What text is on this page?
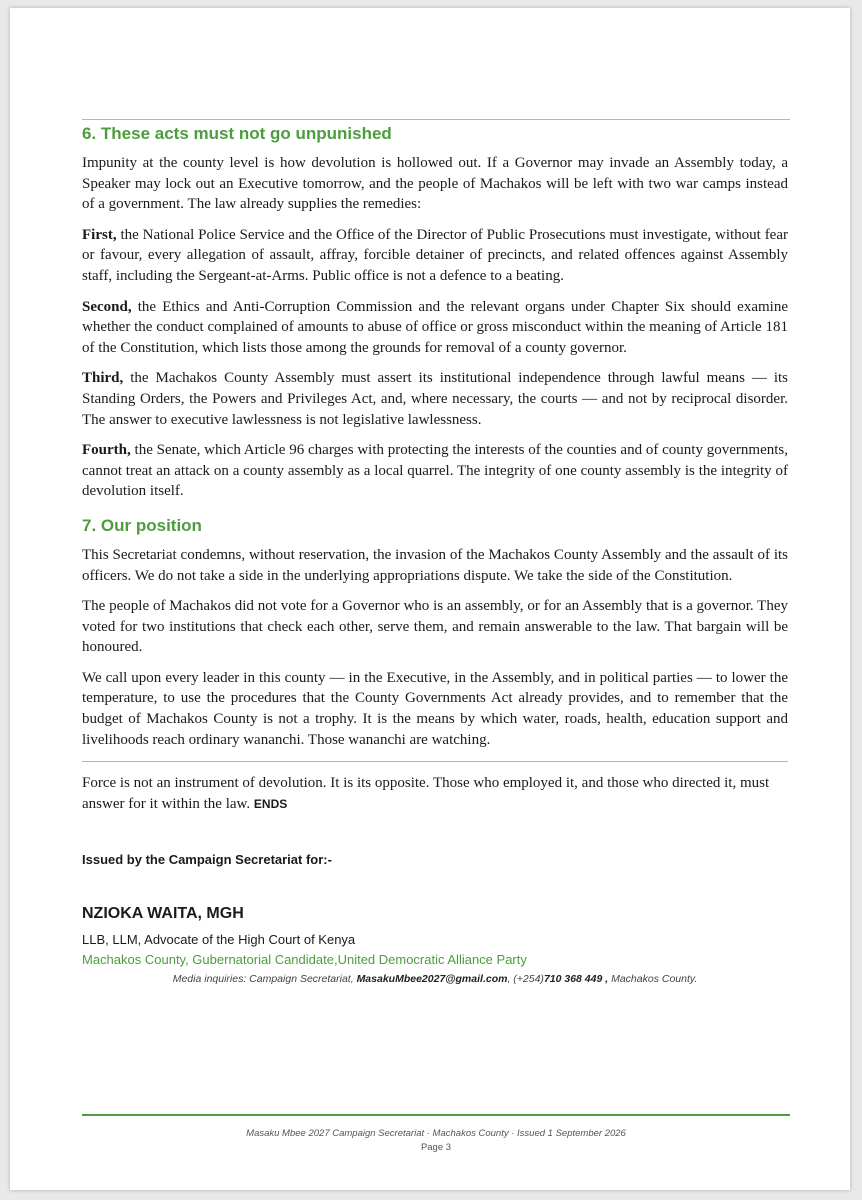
6. These acts must not go unpunished

Impunity at the county level is how devolution is hollowed out. If a Governor may invade an Assembly today, a Speaker may lock out an Executive tomorrow, and the people of Machakos will be left with two war camps instead of a government. The law already supplies the remedies:

First, the National Police Service and the Office of the Director of Public Prosecutions must investigate, without fear or favour, every allegation of assault, affray, forcible detainer of precincts, and related offences against Assembly staff, including the Sergeant-at-Arms. Public office is not a defence to a beating.

Second, the Ethics and Anti-Corruption Commission and the relevant organs under Chapter Six should examine whether the conduct complained of amounts to abuse of office or gross misconduct within the meaning of Article 181 of the Constitution, which lists those among the grounds for removal of a county governor.

Third, the Machakos County Assembly must assert its institutional independence through lawful means — its Standing Orders, the Powers and Privileges Act, and, where necessary, the courts — and not by reciprocal disorder. The answer to executive lawlessness is not legislative lawlessness.

Fourth, the Senate, which Article 96 charges with protecting the interests of the counties and of county governments, cannot treat an attack on a county assembly as a local quarrel. The integrity of one county assembly is the integrity of devolution itself.

7. Our position

This Secretariat condemns, without reservation, the invasion of the Machakos County Assembly and the assault of its officers. We do not take a side in the underlying appropriations dispute. We take the side of the Constitution.

The people of Machakos did not vote for a Governor who is an assembly, or for an Assembly that is a governor. They voted for two institutions that check each other, serve them, and remain answerable to the law. That bargain will be honoured.

We call upon every leader in this county — in the Executive, in the Assembly, and in political parties — to lower the temperature, to use the procedures that the County Governments Act already provides, and to remember that the budget of Machakos County is not a trophy. It is the means by which water, roads, health, education support and livelihoods reach ordinary wananchi. Those wananchi are watching.

Force is not an instrument of devolution. It is its opposite. Those who employed it, and those who directed it, must answer for it within the law. ENDS

Issued by the Campaign Secretariat for:-
NZIOKA WAITA, MGH
LLB, LLM, Advocate of the High Court of Kenya
Machakos County, Gubernatorial Candidate,United Democratic Alliance Party
Media inquiries: Campaign Secretariat, MasakuMbee2027@gmail.com, (+254)710 368 449 , Machakos County.
Masaku Mbee 2027 Campaign Secretariat · Machakos County · Issued 1 September 2026
Page 3
